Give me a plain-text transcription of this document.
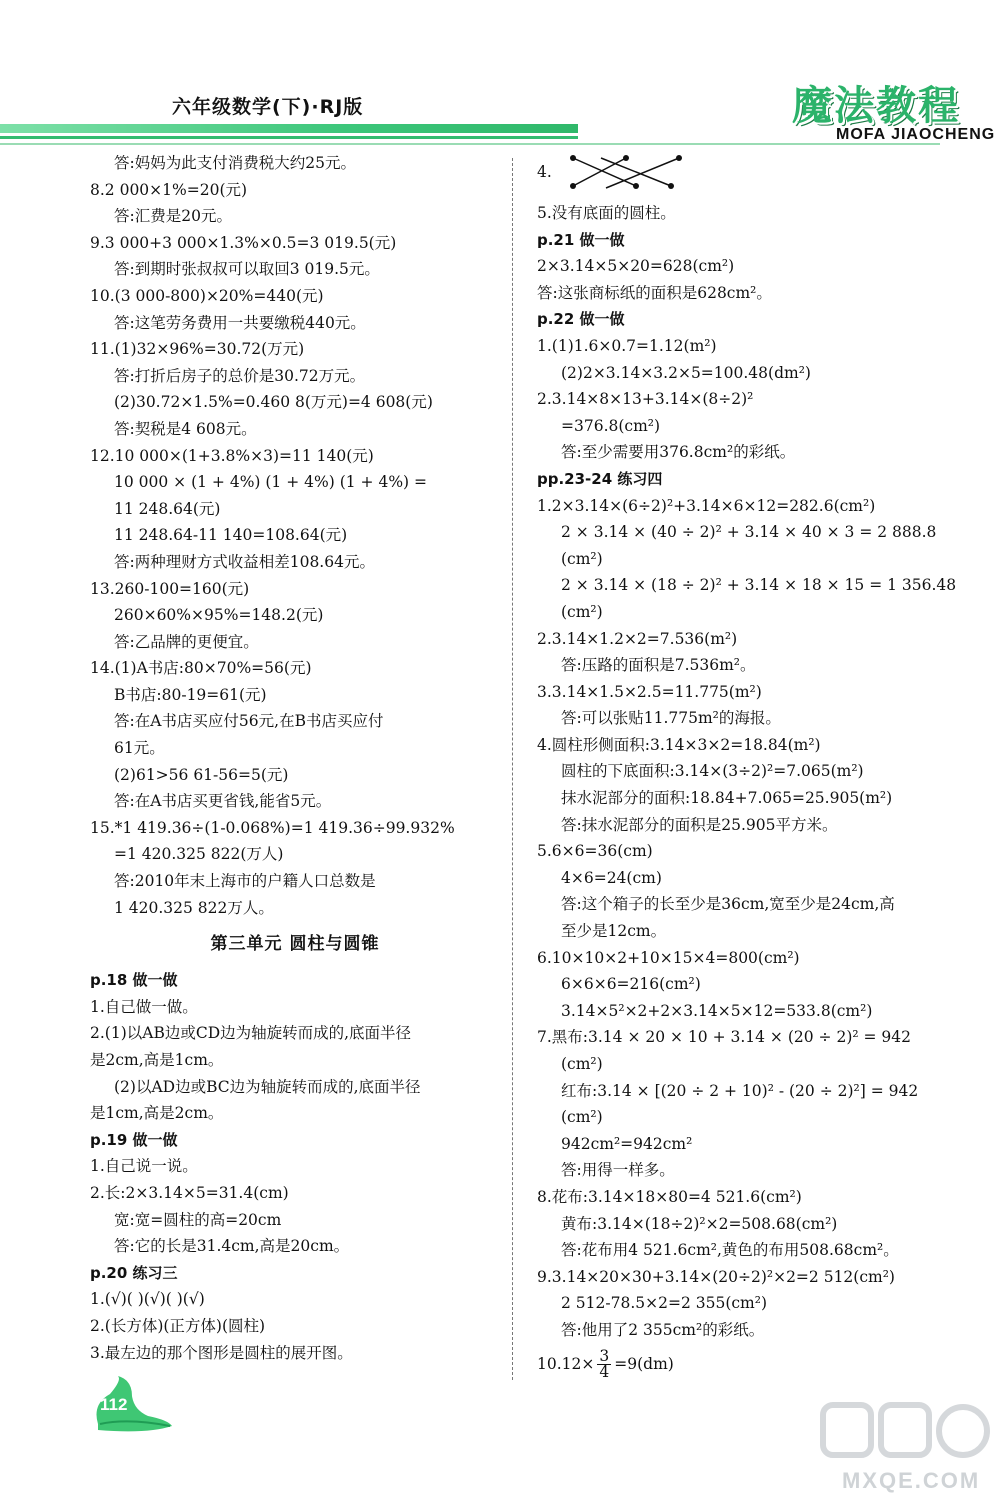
六年级数学(下)·RJ版	魔法教程
MOFA JIAOCHENG
答:妈妈为此支付消费税大约25元。
8.2 000×1%=20(元)
答:汇费是20元。
9.3 000+3 000×1.3%×0.5=3 019.5(元)
答:到期时张叔叔可以取回3 019.5元。
10.(3 000-800)×20%=440(元)
答:这笔劳务费用一共要缴税440元。
11.(1)32×96%=30.72(万元)
答:打折后房子的总价是30.72万元。
(2)30.72×1.5%=0.460 8(万元)=4 608(元)
答:契税是4 608元。
12.10 000×(1+3.8%×3)=11 140(元)
10 000 × (1 + 4%) (1 + 4%) (1 + 4%) =
11 248.64(元)
11 248.64-11 140=108.64(元)
答:两种理财方式收益相差108.64元。
13.260-100=160(元)
260×60%×95%=148.2(元)
答:乙品牌的更便宜。
14.(1)A书店:80×70%=56(元)
B书店:80-19=61(元)
答:在A书店买应付56元,在B书店买应付
61元。
(2)61>56 61-56=5(元)
答:在A书店买更省钱,能省5元。
15.*1 419.36÷(1-0.068%)=1 419.36÷99.932%
=1 420.325 822(万人)
答:2010年末上海市的户籍人口总数是
1 420.325 822万人。
第三单元 圆柱与圆锥
p.18 做一做
1.自己做一做。
2.(1)以AB边或CD边为轴旋转而成的,底面半径
是2cm,高是1cm。
(2)以AD边或BC边为轴旋转而成的,底面半径
是1cm,高是2cm。
p.19 做一做
1.自己说一说。
2.长:2×3.14×5=31.4(cm)
宽:宽=圆柱的高=20cm
答:它的长是31.4cm,高是20cm。
p.20 练习三
1.(√)( )(√)( )(√)
2.(长方体)(正方体)(圆柱)
3.最左边的那个图形是圆柱的展开图。
4.
5.没有底面的圆柱。
p.21 做一做
2×3.14×5×20=628(cm²)
答:这张商标纸的面积是628cm²。
p.22 做一做
1.(1)1.6×0.7=1.12(m²)
(2)2×3.14×3.2×5=100.48(dm²)
2.3.14×8×13+3.14×(8÷2)²
=376.8(cm²)
答:至少需要用376.8cm²的彩纸。
pp.23-24 练习四
1.2×3.14×(6÷2)²+3.14×6×12=282.6(cm²)
2 × 3.14 × (40 ÷ 2)² + 3.14 × 40 × 3 = 2 888.8
(cm²)
2 × 3.14 × (18 ÷ 2)² + 3.14 × 18 × 15 = 1 356.48
(cm²)
2.3.14×1.2×2=7.536(m²)
答:压路的面积是7.536m²。
3.3.14×1.5×2.5=11.775(m²)
答:可以张贴11.775m²的海报。
4.圆柱形侧面积:3.14×3×2=18.84(m²)
圆柱的下底面积:3.14×(3÷2)²=7.065(m²)
抹水泥部分的面积:18.84+7.065=25.905(m²)
答:抹水泥部分的面积是25.905平方米。
5.6×6=36(cm)
4×6=24(cm)
答:这个箱子的长至少是36cm,宽至少是24cm,高
至少是12cm。
6.10×10×2+10×15×4=800(cm²)
6×6×6=216(cm²)
3.14×5²×2+2×3.14×5×12=533.8(cm²)
7.黑布:3.14 × 20 × 10 + 3.14 × (20 ÷ 2)² = 942
(cm²)
红布:3.14 × [(20 ÷ 2 + 10)² - (20 ÷ 2)²] = 942
(cm²)
942cm²=942cm²
答:用得一样多。
8.花布:3.14×18×80=4 521.6(cm²)
黄布:3.14×(18÷2)²×2=508.68(cm²)
答:花布用4 521.6cm²,黄色的布用508.68cm²。
9.3.14×20×30+3.14×(20÷2)²×2=2 512(cm²)
2 512-78.5×2=2 355(cm²)
答:他用了2 355cm²的彩纸。
$10.12\times \frac{3}{4} =9(dm)$
112
MXQE.COM
